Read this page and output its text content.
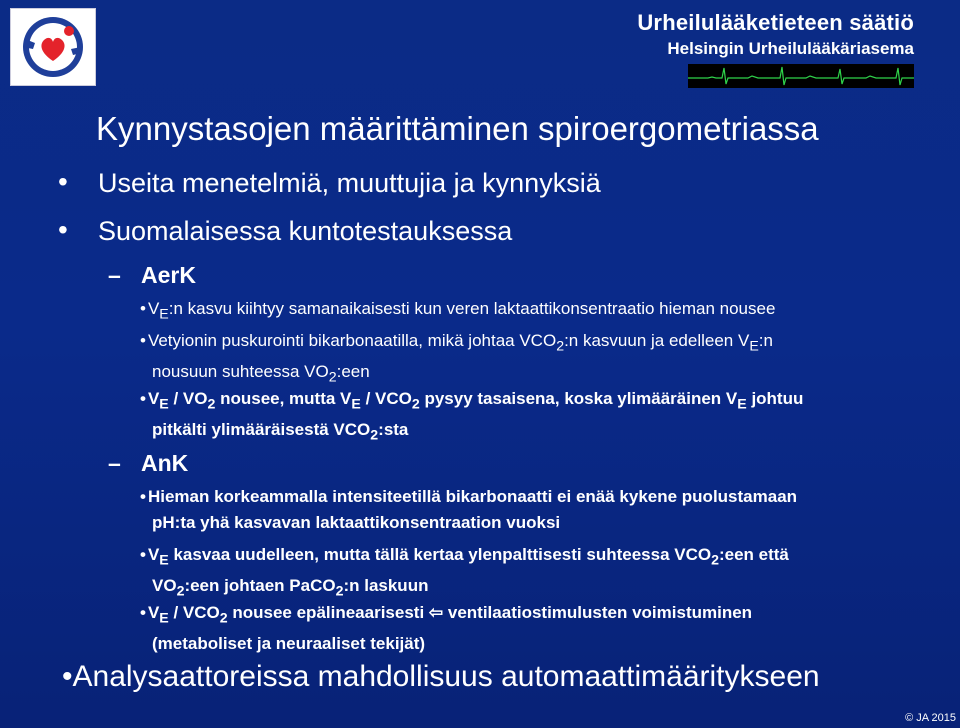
Urheilulääketieteen säätiö
Helsingin Urheilulääkäriasema
Kynnystasojen määrittäminen spiroergometriassa
• Useita menetelmiä, muuttujia ja kynnyksiä
• Suomalaisessa kuntotestauksessa
– AerK
• $V_E:n$ kasvu kiihtyy samanaikaisesti kun veren laktaattikonsentraatio hieman nousee
• Vetyionin puskurointi bikarbonaatilla, mikä johtaa $VCO_2:n$ kasvuun ja edelleen $V_E:n$
nousuun suhteessa $VO_2:een$
• $V_E / VO_2$ nousee, mutta $V_E / VCO_2$ pysyy tasaisena, koska ylimääräinen $V_E$ johtuu
pitkälti ylimääräisestä $VCO_2:sta$
– AnK
• Hieman korkeammalla intensiteetillä bikarbonaatti ei enää kykene puolustamaan
pH:ta yhä kasvavan laktaattikonsentraation vuoksi
• $V_E$ kasvaa uudelleen, mutta tällä kertaa ylenpalttisesti suhteessa $VCO_2:een$ että
$VO_2:een$ johtaen PaCO$_2$:n laskuun
• $V_E / VCO_2$ nousee epälineaarisesti ⇦ ventilaatiostimulusten voimistuminen
(metaboliset ja neuraaliset tekijät)
•Analysaattoreissa mahdollisuus automaattimääritykseen
© JA 2015
